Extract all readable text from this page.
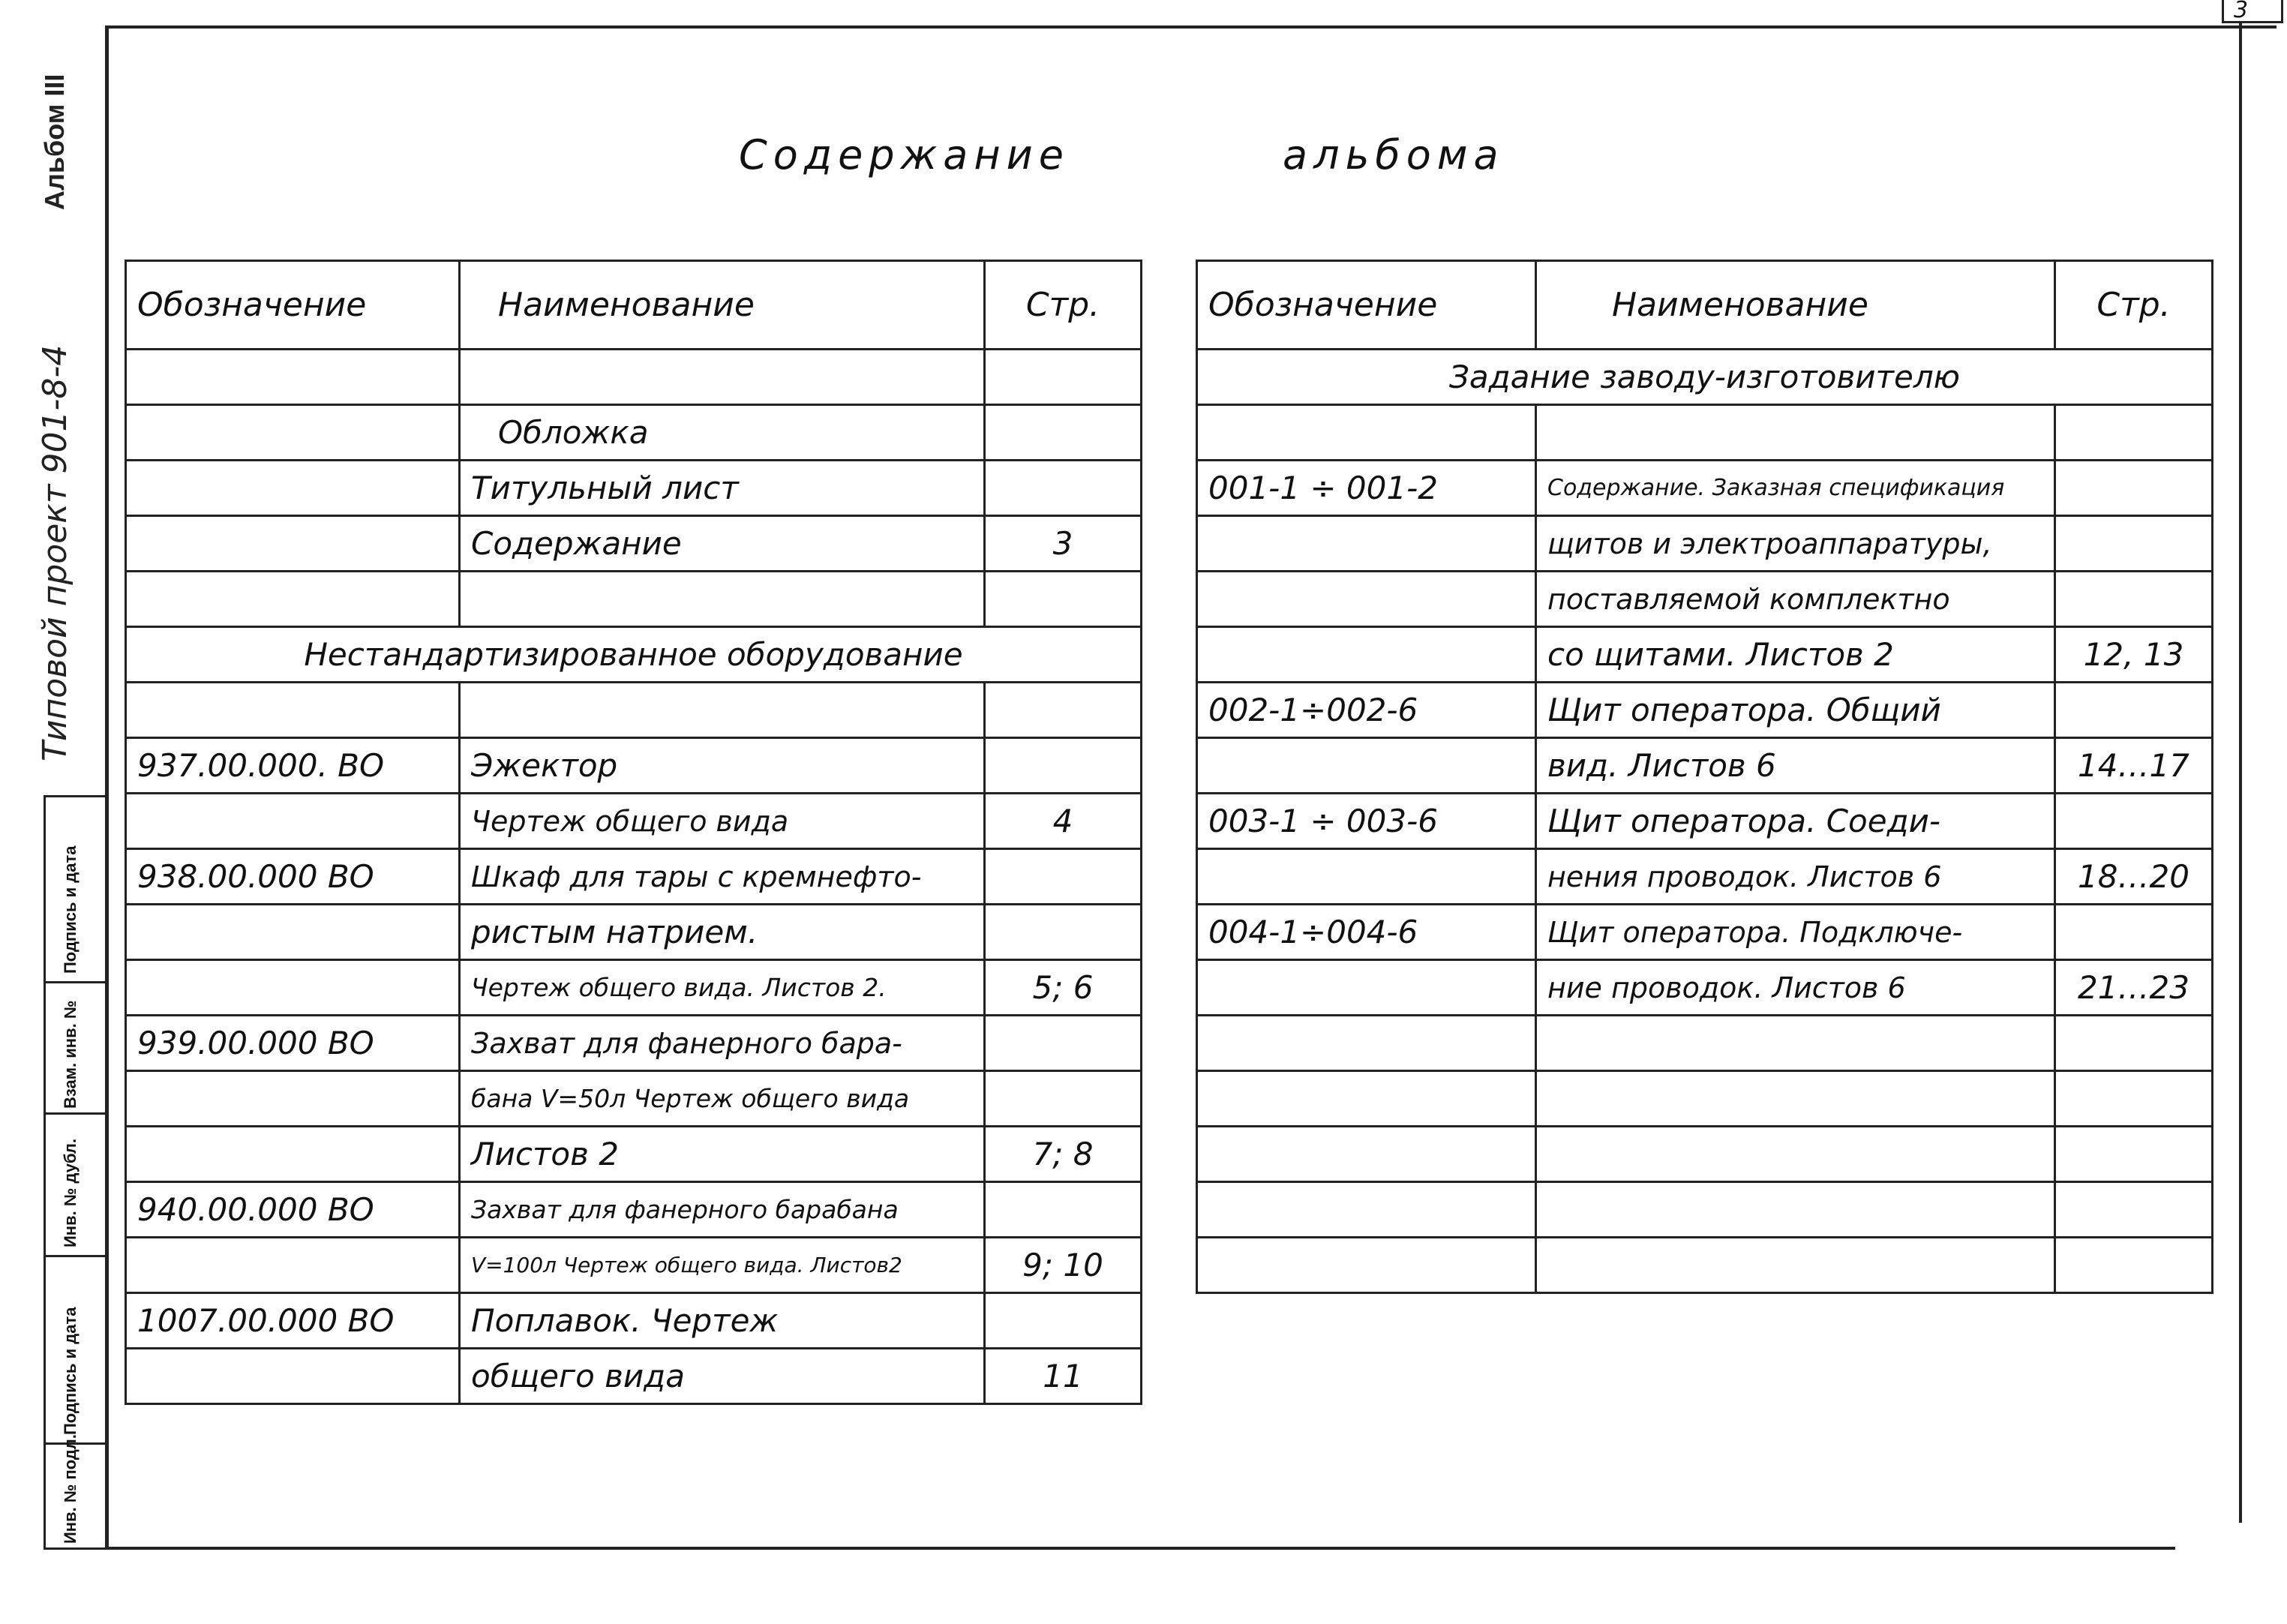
3
Содержание	альбома
Альбом III
Типовой проект 901-8-4
Подпись и дата
Взам. инв. №
Инв. № дубл.
Подпись и дата
Инв. № подл.
Обозначение	Наименование	Стр.

	Обложка	
	Титульный лист	
	Содержание	3

Нестандартизированное оборудование		

937.00.000. ВО	Эжектор	
	Чертеж общего вида	4
938.00.000 ВО	Шкаф для тары с кремнефто-	
	ристым натрием.	
	Чертеж общего вида. Листов 2.	5; 6
939.00.000 ВО	Захват для фанерного бара-	
	бана V=50л Чертеж общего вида	
	Листов 2	7; 8
940.00.000 ВО	Захват для фанерного барабана	
	V=100л Чертеж общего вида. Листов2	9; 10
1007.00.000 ВО	Поплавок. Чертеж	
	общего вида	11
Обозначение	Наименование	Стр.
Задание заводу-изготовителю		

001-1 ÷ 001-2	Содержание. Заказная спецификация	
	щитов и электроаппаратуры,	
	поставляемой комплектно	
	со щитами. Листов 2	12, 13
002-1÷002-6	Щит оператора. Общий	
	вид. Листов 6	14…17
003-1 ÷ 003-6	Щит оператора. Соеди-	
	нения проводок. Листов 6	18…20
004-1÷004-6	Щит оператора. Подключе-	
	ние проводок. Листов 6	21…23
